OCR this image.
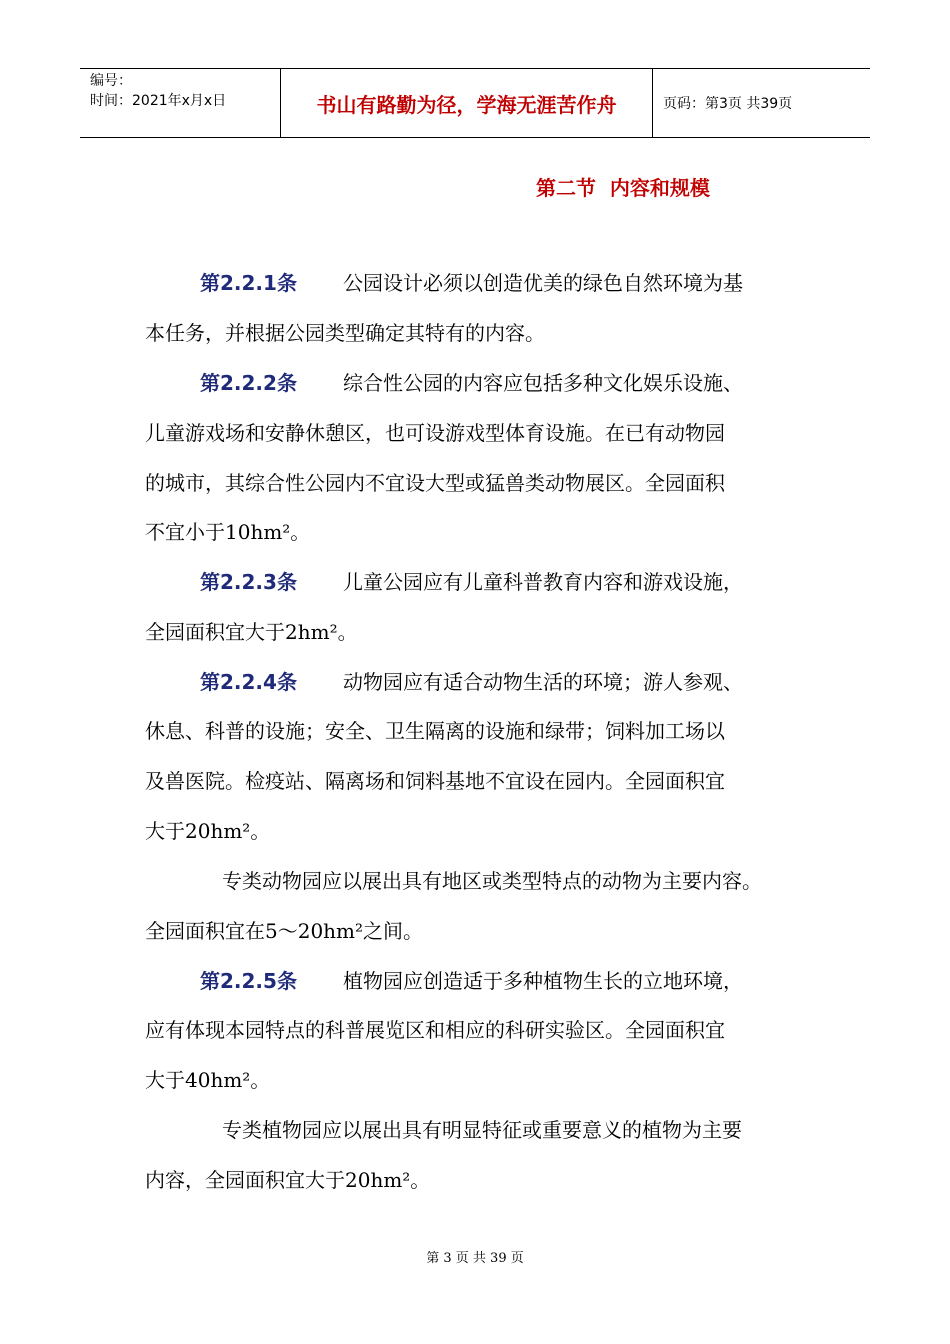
编号：
时间：2021年x月x日	书山有路勤为径，学海无涯苦作舟	页码：第3页 共39页
第二节  内容和规模
第2.2.1条 公园设计必须以创造优美的绿色自然环境为基
本任务，并根据公园类型确定其特有的内容。
第2.2.2条 综合性公园的内容应包括多种文化娱乐设施、
儿童游戏场和安静休憩区，也可设游戏型体育设施。在已有动物园
的城市，其综合性公园内不宜设大型或猛兽类动物展区。全园面积
不宜小于10hm²。
第2.2.3条 儿童公园应有儿童科普教育内容和游戏设施，
全园面积宜大于2hm²。
第2.2.4条 动物园应有适合动物生活的环境；游人参观、
休息、科普的设施；安全、卫生隔离的设施和绿带；饲料加工场以
及兽医院。检疫站、隔离场和饲料基地不宜设在园内。全园面积宜
大于20hm²。
专类动物园应以展出具有地区或类型特点的动物为主要内容。
全园面积宜在5～20hm²之间。
第2.2.5条 植物园应创造适于多种植物生长的立地环境，
应有体现本园特点的科普展览区和相应的科研实验区。全园面积宜
大于40hm²。
专类植物园应以展出具有明显特征或重要意义的植物为主要
内容，全园面积宜大于20hm²。
第 3 页 共 39 页
